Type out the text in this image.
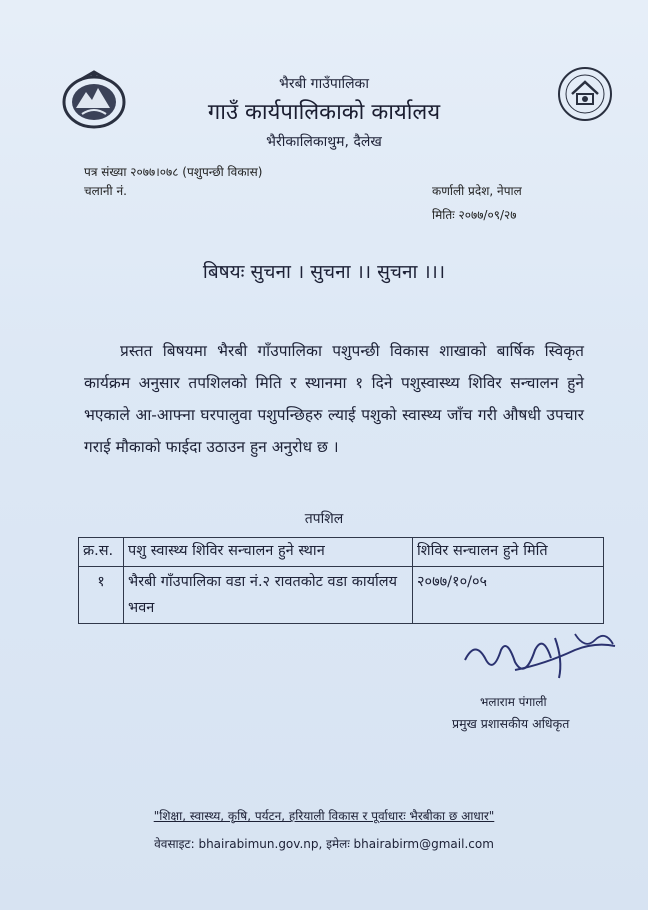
भैरबी गाउँपालिका
गाउँ कार्यपालिकाको कार्यालय
भैरीकालिकाथुम, दैलेख
पत्र संख्या २०७७।०७८ (पशुपन्छी विकास)
चलानी नं.	कर्णाली प्रदेश, नेपाल
मितिः २०७७/०९/२७
बिषयः सुचना । सुचना ।। सुचना ।।।
प्रस्तत बिषयमा भैरबी गाँउपालिका पशुपन्छी विकास शाखाको बार्षिक स्विकृत कार्यक्रम अनुसार तपशिलको मिति र स्थानमा १ दिने पशुस्वास्थ्य शिविर सन्चालन हुने भएकाले आ-आफ्ना घरपालुवा पशुपन्छिहरु ल्याई पशुको स्वास्थ्य जाँच गरी औषधी उपचार गराई मौकाको फाईदा उठाउन हुन अनुरोध छ ।
तपशिल
क्र.स.	पशु स्वास्थ्य शिविर सन्चालन हुने स्थान	शिविर सन्चालन हुने मिति
१	भैरबी गाँउपालिका वडा नं.२ रावतकोट वडा कार्यालय भवन	२०७७/१०/०५
भलाराम पंगाली
प्रमुख प्रशासकीय अधिकृत
"शिक्षा, स्वास्थ्य, कृषि, पर्यटन, हरियाली विकास र पूर्वाधारः भैरबीका छ आधार"
वेवसाइट: bhairabimun.gov.np, इमेलः bhairabirm@gmail.com
